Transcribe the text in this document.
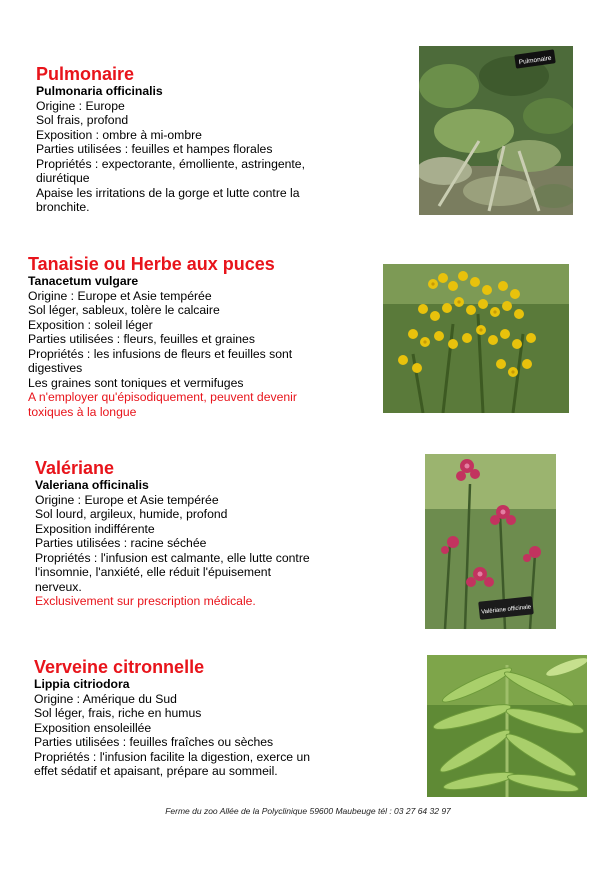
Pulmonaire
Pulmonaria officinalis
Origine : Europe
Sol frais, profond
Exposition : ombre à mi-ombre
Parties utilisées : feuilles et hampes florales
Propriétés : expectorante, émolliente, astringente,
diurétique
Apaise les irritations de la gorge et lutte contre la
bronchite.
Pulmonaire
Tanaisie ou Herbe aux puces
Tanacetum vulgare
Origine : Europe et Asie tempérée
Sol léger, sableux, tolère le calcaire
Exposition : soleil léger
Parties utilisées : fleurs, feuilles et graines
Propriétés : les infusions de fleurs et feuilles sont
digestives
Les graines sont toniques et vermifuges
A n'employer qu'épisodiquement, peuvent devenir
toxiques à la longue
Valériane
Valeriana officinalis
Origine : Europe et Asie tempérée
Sol lourd, argileux, humide, profond
Exposition indifférente
Parties utilisées : racine séchée
Propriétés : l'infusion est calmante, elle lutte contre
l'insomnie, l'anxiété, elle réduit l'épuisement
nerveux.
Exclusivement sur prescription médicale.
Valériane officinale
Verveine citronnelle
Lippia citriodora
Origine : Amérique du Sud
Sol léger, frais, riche en humus
Exposition ensoleillée
Parties utilisées : feuilles fraîches ou sèches
Propriétés : l'infusion facilite la digestion, exerce un
effet sédatif et apaisant, prépare au sommeil.
Ferme du zoo Allée de la Polyclinique 59600 Maubeuge tél : 03 27 64 32 97
